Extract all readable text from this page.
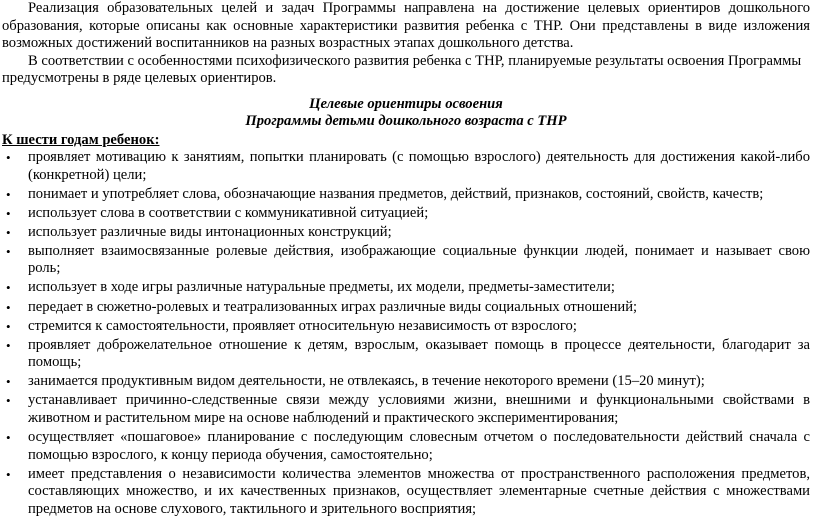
Реализация образовательных целей и задач Программы направлена на достижение целевых ориентиров дошкольного образования, которые описаны как основные характеристики развития ребенка с ТНР. Они представлены в виде изложения возможных достижений воспитанников на разных возрастных этапах дошкольного детства.

В соответствии с особенностями психофизического развития ребенка с ТНР, планируемые результаты освоения Программы предусмотрены в ряде целевых ориентиров.

Целевые ориентиры освоения

Программы детьми дошкольного возраста с ТНР

К шести годам ребенок:

•	проявляет мотивацию к занятиям, попытки планировать (с помощью взрослого) деятельность для достижения какой-либо (конкретной) цели;
•	понимает и употребляет слова, обозначающие названия предметов, действий, признаков, состояний, свойств, качеств;
•	использует слова в соответствии с коммуникативной ситуацией;
•	использует различные виды интонационных конструкций;
•	выполняет взаимосвязанные ролевые действия, изображающие социальные функции людей, понимает и называет свою роль;
•	использует в ходе игры различные натуральные предметы, их модели, предметы-заместители;
•	передает в сюжетно-ролевых и театрализованных играх различные виды социальных отношений;
•	стремится к самостоятельности, проявляет относительную независимость от взрослого;
•	проявляет доброжелательное отношение к детям, взрослым, оказывает помощь в процессе деятельности, благодарит за помощь;
•	занимается продуктивным видом деятельности, не отвлекаясь, в течение некоторого времени (15–20 минут);
•	устанавливает причинно-следственные связи между условиями жизни, внешними и функциональными свойствами в животном и растительном мире на основе наблюдений и практического экспериментирования;
•	осуществляет «пошаговое» планирование с последующим словесным отчетом о последовательности действий сначала с помощью взрослого, к концу периода обучения, самостоятельно;
•	имеет представления о независимости количества элементов множества от пространственного расположения предметов, составляющих множество, и их качественных признаков, осуществляет элементарные счетные действия с множествами предметов на основе слухового, тактильного и зрительного восприятия;
